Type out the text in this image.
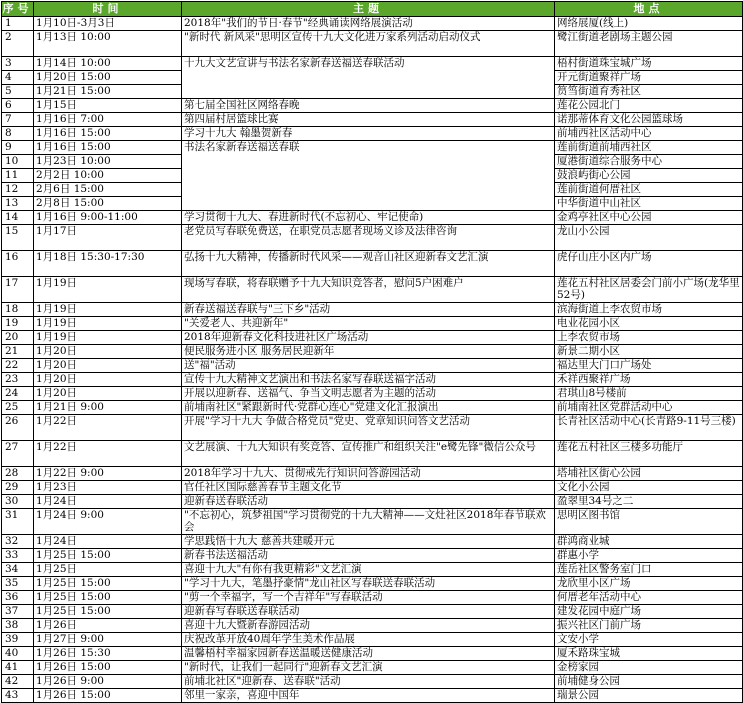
序号	时间	主题	地点
1	1月10日-3月3日	2018年"我们的节日·春节"经典诵读网络展演活动	网络展厦(线上)
2	1月13日 10:00	"新时代 新风采"思明区宣传十九大文化进万家系列活动启动仪式	鹭江街道老剧场主题公园
3	1月14日 10:00	十九大文艺宣讲与书法名家新春送福送春联活动	梧村街道珠宝城广场
4	1月20日 15:00		开元街道聚祥广场
5	1月21日 15:00		筼筜街道育秀社区
6	1月15日	第七届全国社区网络春晚	莲花公园北门
7	1月16日 7:00	第四届村居篮球比赛	诺那蒂体育文化公园篮球场
8	1月16日 15:00	学习十九大 翰墨贺新春	前埔西社区活动中心
9	1月16日 15:00	书法名家新春送福送春联	莲前街道前埔西社区
10	1月23日 10:00		厦港街道综合服务中心
11	2月2日 10:00		鼓浪屿街心公园
12	2月6日 15:00		莲前街道何厝社区
13	2月8日 15:00		中华街道中山社区
14	1月16日 9:00-11:00	学习贯彻十九大、春进新时代(不忘初心、牢记使命)	金鸡亭社区中心公园
15	1月17日	老党员写春联免费送，在职党员志愿者现场义诊及法律咨询	龙山小公园
16	1月18日 15:30-17:30	弘扬十九大精神，传播新时代风采——观音山社区迎新春文艺汇演	虎仔山庄小区内广场
17	1月19日	现场写春联，将春联赠予十九大知识竞答者，慰问5户困难户	莲花五村社区居委会门前小广场(龙华里52号)
18	1月19日	新春送福送春联与"三下乡"活动	滨海街道上李农贸市场
19	1月19日	"关爱老人、共迎新年"	电业花园小区
20	1月19日	2018年迎新春文化科技进社区广场活动	上李农贸市场
21	1月20日	便民服务进小区 服务居民迎新年	新景二期小区
22	1月20日	送"福"活动	福达里大门口广场处
23	1月20日	宣传十九大精神文艺演出和书法名家写春联送福字活动	禾祥西聚祥广场
24	1月20日	开展以迎新春、送福气、争当文明志愿者为主题的活动	君琪山8号楼前
25	1月21日 9:00	前埔南社区"紧跟新时代·党群心连心"党建文化汇报演出	前埔南社区党群活动中心
26	1月22日	开展"学习十九大 争做合格党员"党史、党章知识问答文艺活动	长青社区活动中心(长青路9-11号三楼)
27	1月22日	文艺展演、十九大知识有奖竞答、宣传推广和组织关注"e鹭先锋"微信公众号	莲花五村社区三楼多功能厅
28	1月22日 9:00	2018年学习十九大、贯彻戒先行知识问答游园活动	塔埔社区街心公园
29	1月23日	官任社区国际慈善春节主题文化节	文化小公园
30	1月24日	迎新春送春联活动	盈翠里34号之二
31	1月24日 9:00	"不忘初心，筑梦祖国"学习贯彻党的十九大精神——文灶社区2018年春节联欢会	思明区图书馆
32	1月24日	学思践悟十九大 慈善共建暖开元	群鸿商业城
33	1月25日 15:00	新春书法送福活动	群惠小学
34	1月25日	喜迎十九大"有你有我更精彩"文艺汇演	莲岳社区警务室门口
35	1月25日 15:00	"学习十九大，笔墨抒豪情"龙山社区写春联送春联活动	龙欣里小区广场
36	1月25日 15:00	"剪一个幸福字，写一个吉祥年"写春联活动	何厝老年活动中心
37	1月25日 15:00	迎新春写春联送春联活动	建发花园中庭广场
38	1月26日	喜迎十九大暨新春游园活动	振兴社区门前广场
39	1月27日 9:00	庆祝改革开放40周年学生美术作品展	文安小学
40	1月26日 15:30	温馨梧村幸福家园新春送温暖送健康活动	厦禾路珠宝城
41	1月26日 15:00	"新时代，让我们一起同行"迎新春文艺汇演	金榜家园
42	1月26日 9:00	前埔北社区"迎新春、送春联"活动	前埔健身公园
43	1月26日 15:00	邻里一家亲，喜迎中国年	瑞景公园
